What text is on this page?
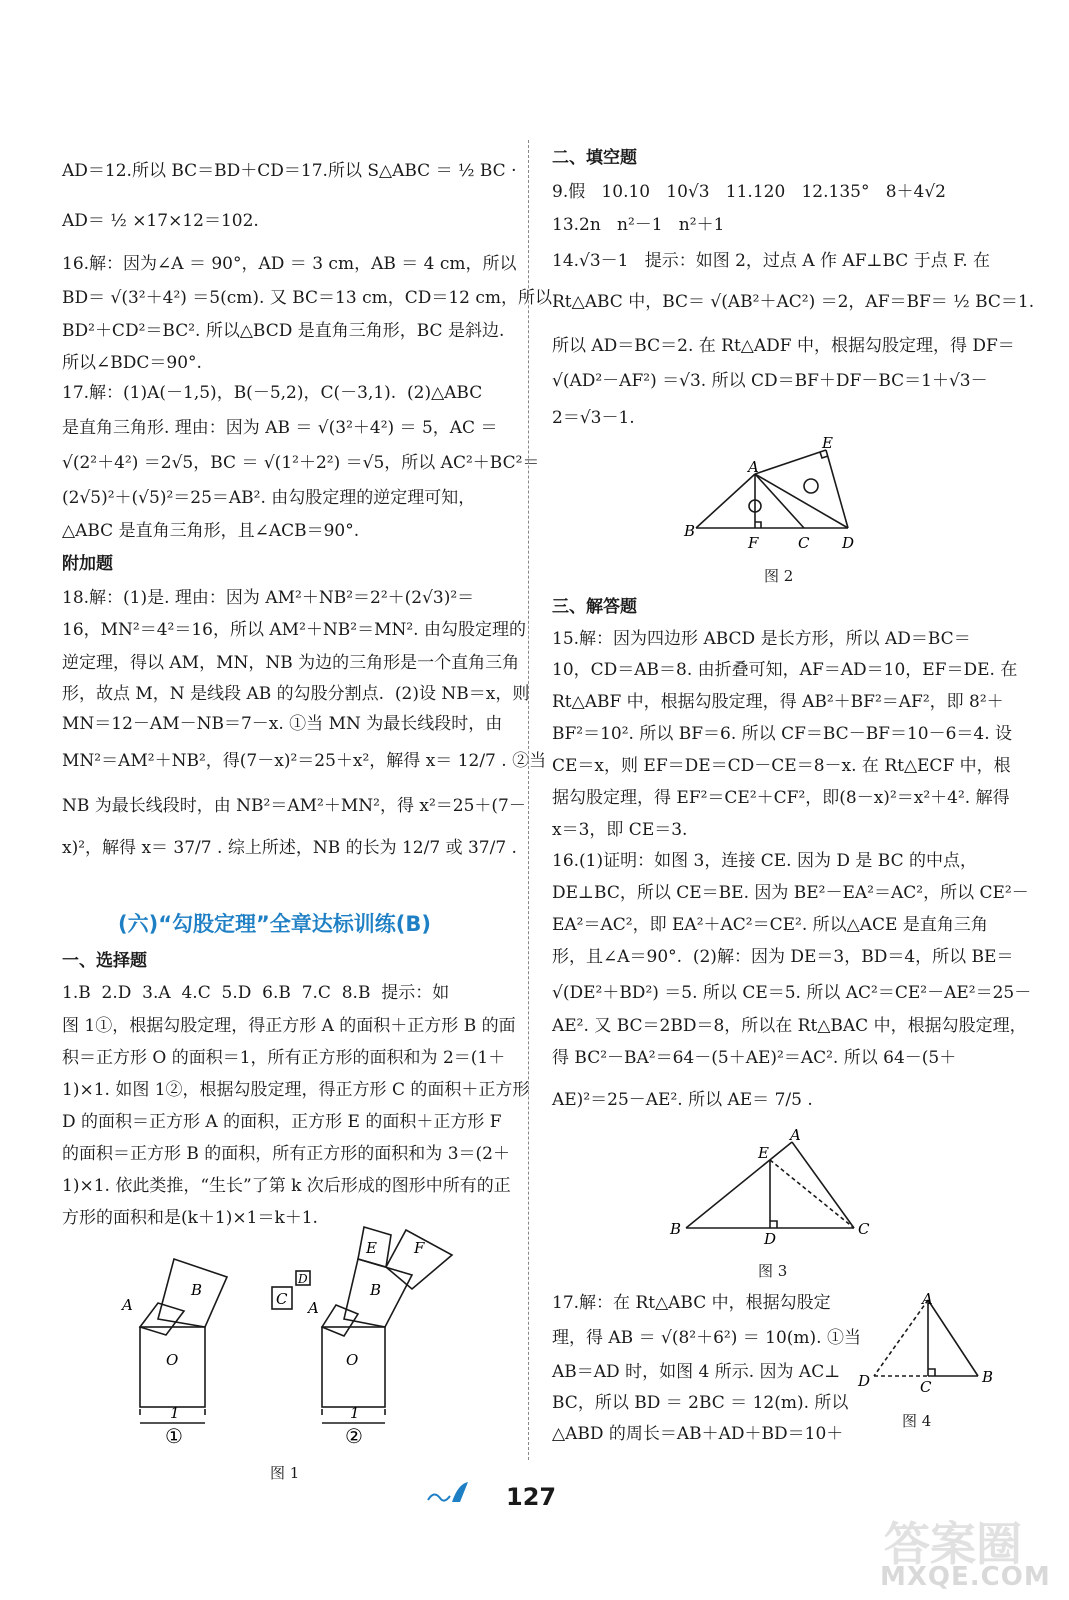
AD＝12.所以 BC＝BD＋CD＝17.所以 S△ABC ＝ ½ BC ·
AD＝ ½ ×17×12＝102.
16.解：因为∠A ＝ 90°，AD ＝ 3 cm，AB ＝ 4 cm，所以
BD＝ √(3²＋4²) ＝5(cm). 又 BC＝13 cm，CD＝12 cm，所以
BD²＋CD²＝BC². 所以△BCD 是直角三角形，BC 是斜边.
所以∠BDC＝90°.
17.解：(1)A(－1,5)，B(－5,2)，C(－3,1).  (2)△ABC
是直角三角形. 理由：因为 AB ＝ √(3²＋4²) ＝ 5，AC ＝
√(2²＋4²) ＝2√5，BC ＝ √(1²＋2²) ＝√5，所以 AC²＋BC²＝
(2√5)²＋(√5)²＝25＝AB². 由勾股定理的逆定理可知，
△ABC 是直角三角形，且∠ACB＝90°.
附加题
18.解：(1)是. 理由：因为 AM²＋NB²＝2²＋(2√3)²＝
16，MN²＝4²＝16，所以 AM²＋NB²＝MN². 由勾股定理的
逆定理，得以 AM，MN，NB 为边的三角形是一个直角三角
形，故点 M，N 是线段 AB 的勾股分割点.  (2)设 NB＝x，则
MN＝12－AM－NB＝7－x. ①当 MN 为最长线段时，由
MN²＝AM²＋NB²，得(7－x)²＝25＋x²，解得 x＝ 12/7 . ②当
NB 为最长线段时，由 NB²＝AM²＋MN²，得 x²＝25＋(7－
x)²，解得 x＝ 37/7 . 综上所述，NB 的长为 12/7 或 37/7 .
(六)“勾股定理”全章达标训练(B)
一、选择题
1.B  2.D  3.A  4.C  5.D  6.B  7.C  8.B  提示：如
图 1①，根据勾股定理，得正方形 A 的面积＋正方形 B 的面
积＝正方形 O 的面积＝1，所有正方形的面积和为 2＝(1＋
1)×1. 如图 1②，根据勾股定理，得正方形 C 的面积＋正方形
D 的面积＝正方形 A 的面积，正方形 E 的面积＋正方形 F
的面积＝正方形 B 的面积，所有正方形的面积和为 3＝(2＋
1)×1. 依此类推，“生长”了第 k 次后形成的图形中所有的正
方形的面积和是(k＋1)×1＝k＋1.
A
B
O
1
①
C
D
A
B
E F
O
1
②
图 1
二、填空题
9.假   10.10   10√3   11.120   12.135°   8＋4√2
13.2n   n²－1   n²＋1
14.√3－1   提示：如图 2，过点 A 作 AF⊥BC 于点 F. 在
Rt△ABC 中，BC＝ √(AB²＋AC²) ＝2，AF＝BF＝ ½ BC＝1.
所以 AD＝BC＝2. 在 Rt△ADF 中，根据勾股定理，得 DF＝
√(AD²－AF²) ＝√3. 所以 CD＝BF＋DF－BC＝1＋√3－
2＝√3－1.
A
B
F	C D
E
图 2
三、解答题
15.解：因为四边形 ABCD 是长方形，所以 AD＝BC＝
10，CD＝AB＝8. 由折叠可知，AF＝AD＝10，EF＝DE. 在
Rt△ABF 中，根据勾股定理，得 AB²＋BF²＝AF²，即 8²＋
BF²＝10². 所以 BF＝6. 所以 CF＝BC－BF＝10－6＝4. 设
CE＝x，则 EF＝DE＝CD－CE＝8－x. 在 Rt△ECF 中，根
据勾股定理，得 EF²＝CE²＋CF²，即(8－x)²＝x²＋4². 解得
x＝3，即 CE＝3.
16.(1)证明：如图 3，连接 CE. 因为 D 是 BC 的中点，
DE⊥BC，所以 CE＝BE. 因为 BE²－EA²＝AC²，所以 CE²－
EA²＝AC²，即 EA²＋AC²＝CE². 所以△ACE 是直角三角
形，且∠A＝90°.  (2)解：因为 DE＝3，BD＝4，所以 BE＝
√(DE²＋BD²) ＝5. 所以 CE＝5. 所以 AC²＝CE²－AE²＝25－
AE². 又 BC＝2BD＝8，所以在 Rt△BAC 中，根据勾股定理，
得 BC²－BA²＝64－(5＋AE)²＝AC². 所以 64－(5＋
AE)²＝25－AE². 所以 AE＝ 7/5 .
A
E
B
D
C
图 3
17.解：在 Rt△ABC 中，根据勾股定
理，得 AB ＝ √(8²＋6²) ＝ 10(m). ①当
AB＝AD 时，如图 4 所示. 因为 AC⊥
BC，所以 BD ＝ 2BC ＝ 12(m). 所以
△ABD 的周长＝AB＋AD＋BD＝10＋
A
D	C
B
图 4
127
答案圈
MXQE.COM
